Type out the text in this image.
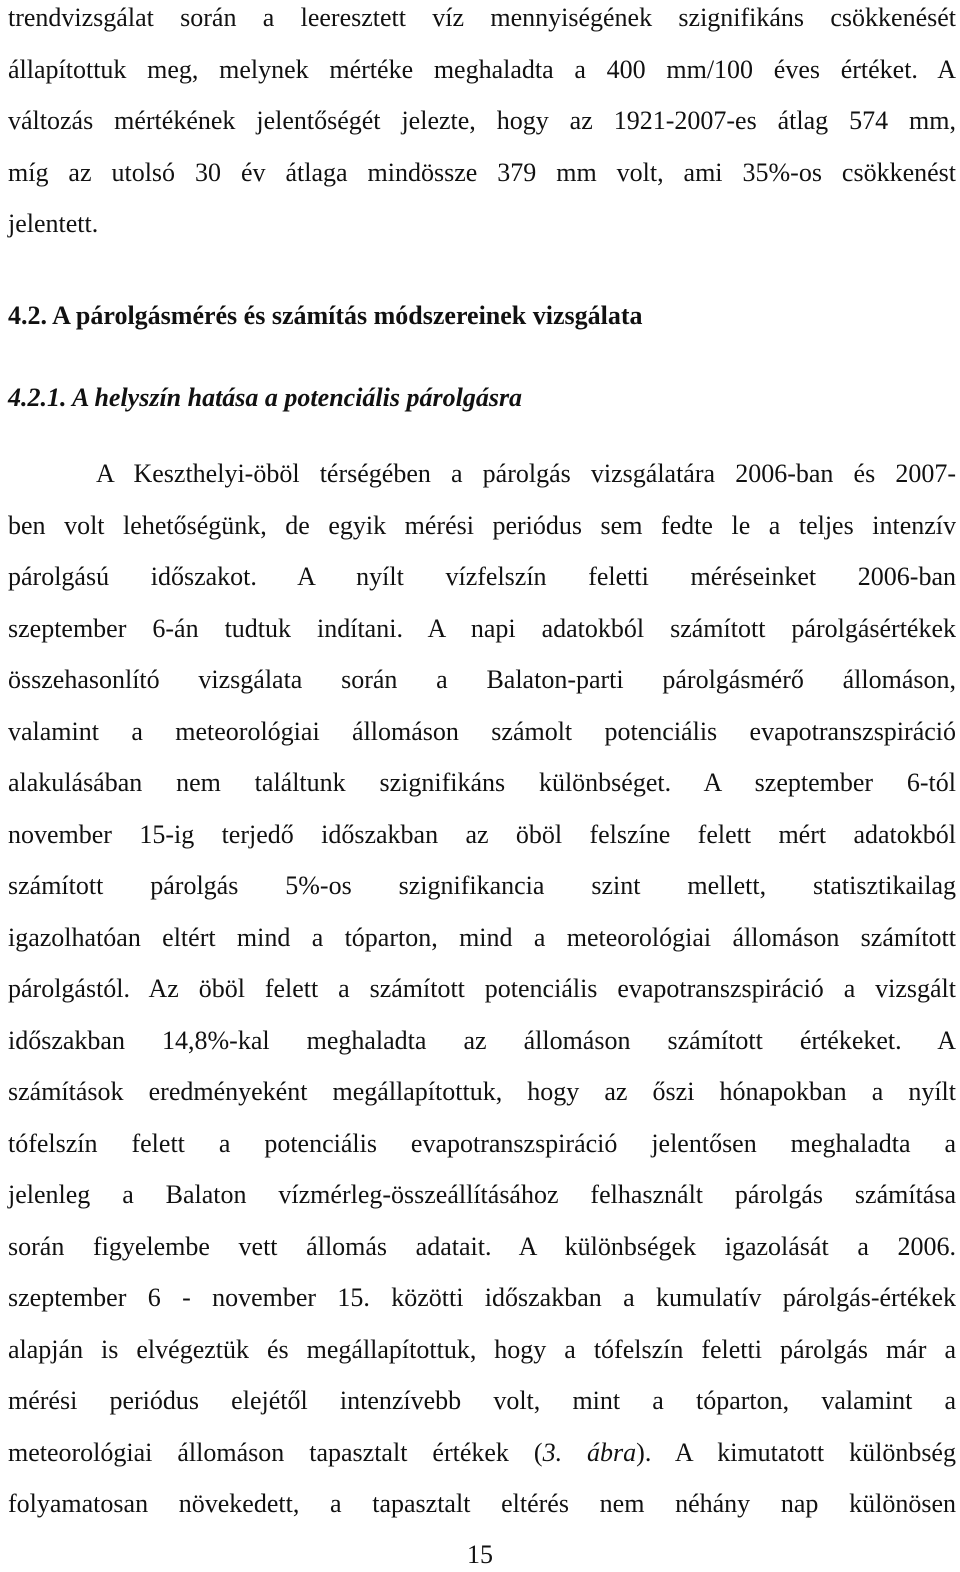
trendvizsgálat során a leeresztett víz mennyiségének szignifikáns csökkenését
állapítottuk meg, melynek mértéke meghaladta a 400 mm/100 éves értéket. A
változás mértékének jelentőségét jelezte, hogy az 1921-2007-es átlag 574 mm,
míg az utolsó 30 év átlaga mindössze 379 mm volt, ami 35%-os csökkenést
jelentett.
4.2. A párolgásmérés és számítás módszereinek vizsgálata
4.2.1. A helyszín hatása a potenciális párolgásra
A Keszthelyi-öböl térségében a párolgás vizsgálatára 2006-ban és 2007-
ben volt lehetőségünk, de egyik mérési periódus sem fedte le a teljes intenzív
párolgású időszakot. A nyílt vízfelszín feletti méréseinket 2006-ban
szeptember 6-án tudtuk indítani. A napi adatokból számított párolgásértékek
összehasonlító vizsgálata során a Balaton-parti párolgásmérő állomáson,
valamint a meteorológiai állomáson számolt potenciális evapotranszspiráció
alakulásában nem találtunk szignifikáns különbséget. A szeptember 6-tól
november 15-ig terjedő időszakban az öböl felszíne felett mért adatokból
számított párolgás 5%-os szignifikancia szint mellett, statisztikailag
igazolhatóan eltért mind a tóparton, mind a meteorológiai állomáson számított
párolgástól. Az öböl felett a számított potenciális evapotranszspiráció a vizsgált
időszakban 14,8%-kal meghaladta az állomáson számított értékeket. A
számítások eredményeként megállapítottuk, hogy az őszi hónapokban a nyílt
tófelszín felett a potenciális evapotranszspiráció jelentősen meghaladta a
jelenleg a Balaton vízmérleg-összeállításához felhasznált párolgás számítása
során figyelembe vett állomás adatait. A különbségek igazolását a 2006.
szeptember 6 - november 15. közötti időszakban a kumulatív párolgás-értékek
alapján is elvégeztük és megállapítottuk, hogy a tófelszín feletti párolgás már a
mérési periódus elejétől intenzívebb volt, mint a tóparton, valamint a
meteorológiai állomáson tapasztalt értékek (3. ábra). A kimutatott különbség
folyamatosan növekedett, a tapasztalt eltérés nem néhány nap különösen
15
